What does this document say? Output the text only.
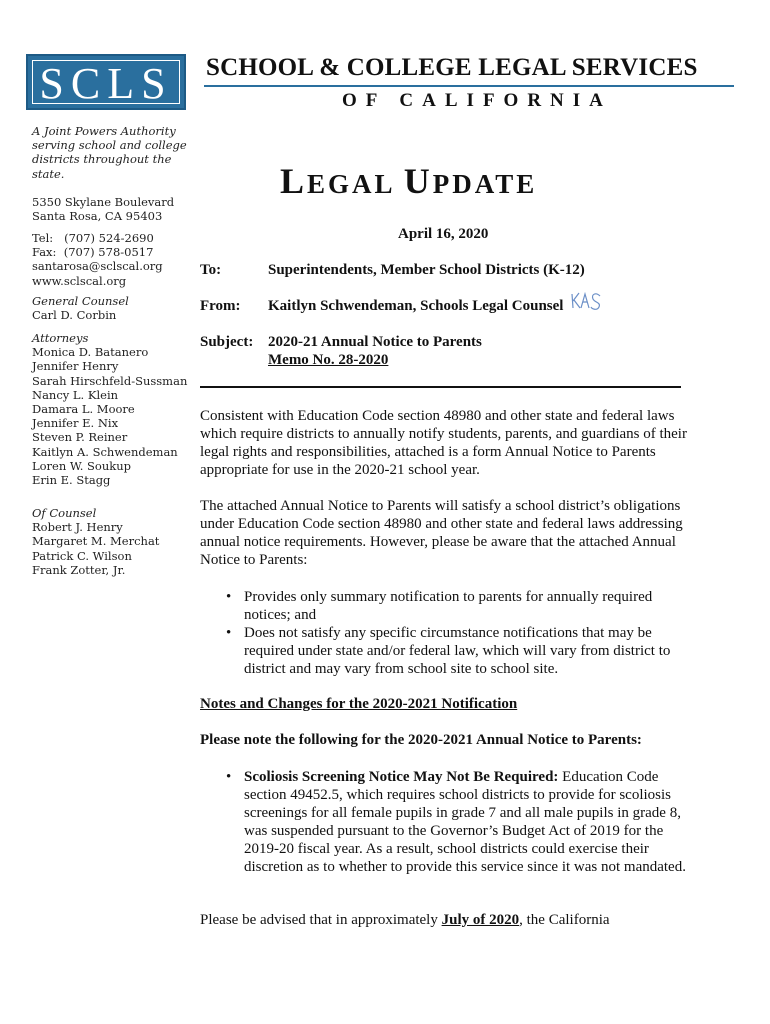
SCLS SCHOOL & COLLEGE LEGAL SERVICES
OF CALIFORNIA
A Joint Powers Authority
serving school and college
districts throughout the
state.
5350 Skylane Boulevard
Santa Rosa, CA 95403
Tel:   (707) 524-2690
Fax:  (707) 578-0517
santarosa@sclscal.org
www.sclscal.org
General Counsel
Carl D. Corbin
Attorneys
Monica D. Batanero
Jennifer Henry
Sarah Hirschfeld-Sussman
Nancy L. Klein
Damara L. Moore
Jennifer E. Nix
Steven P. Reiner
Kaitlyn A. Schwendeman
Loren W. Soukup
Erin E. Stagg
Of Counsel
Robert J. Henry
Margaret M. Merchat
Patrick C. Wilson
Frank Zotter, Jr.
LEGAL UPDATE
April 16, 2020
To:	Superintendents, Member School Districts (K-12)
From: Kaitlyn Schwendeman, Schools Legal Counsel
Subject: 2020-21 Annual Notice to Parents
Memo No. 28-2020
Consistent with Education Code section 48980 and other state and federal laws which require districts to annually notify students, parents, and guardians of their legal rights and responsibilities, attached is a form Annual Notice to Parents appropriate for use in the 2020-21 school year.
The attached Annual Notice to Parents will satisfy a school district’s obligations under Education Code section 48980 and other state and federal laws addressing annual notice requirements. However, please be aware that the attached Annual Notice to Parents:
• Provides only summary notification to parents for annually required notices; and
• Does not satisfy any specific circumstance notifications that may be required under state and/or federal law, which will vary from district to district and may vary from school site to school site.
Notes and Changes for the 2020-2021 Notification
Please note the following for the 2020-2021 Annual Notice to Parents:
• Scoliosis Screening Notice May Not Be Required: Education Code section 49452.5, which requires school districts to provide for scoliosis screenings for all female pupils in grade 7 and all male pupils in grade 8, was suspended pursuant to the Governor’s Budget Act of 2019 for the 2019-20 fiscal year. As a result, school districts could exercise their discretion as to whether to provide this service since it was not mandated.
Please be advised that in approximately July of 2020, the California
